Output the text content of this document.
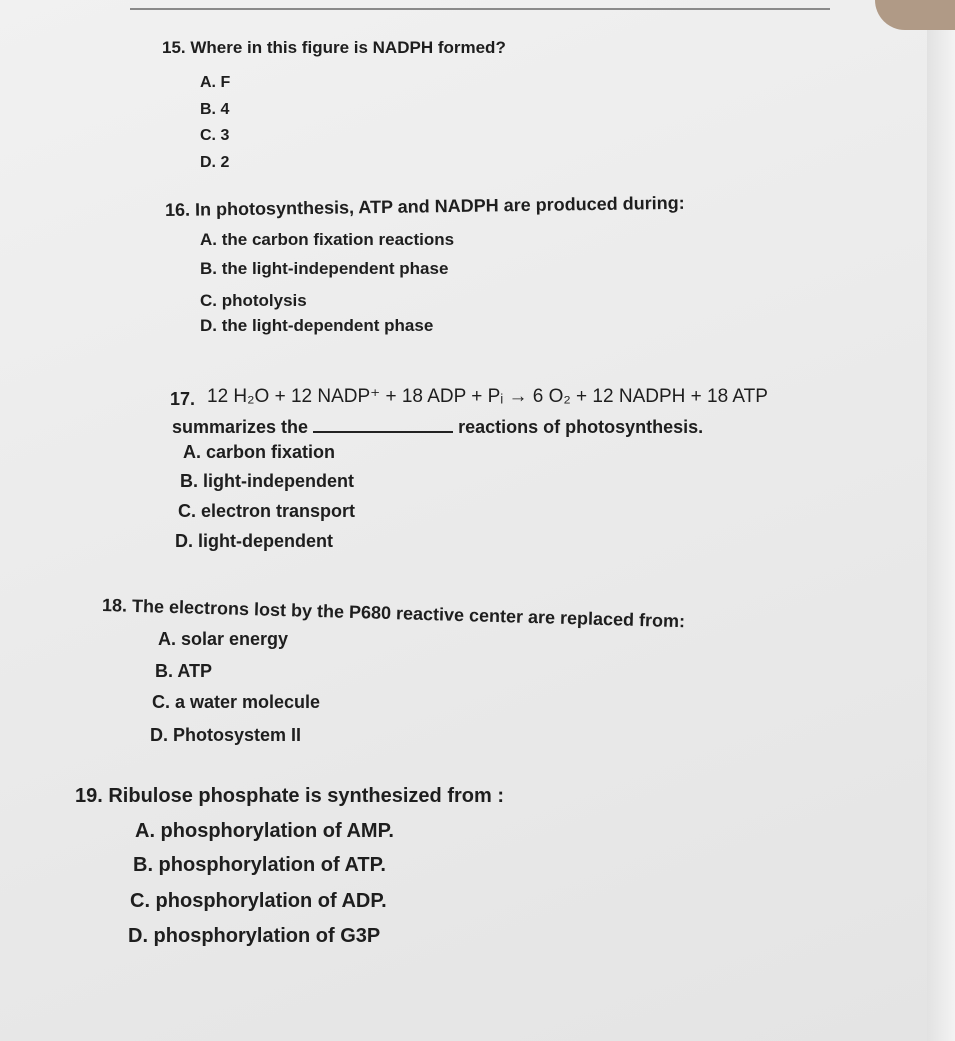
15. Where in this figure is NADPH formed?
A. F
B. 4
C. 3
D. 2
16. In photosynthesis, ATP and NADPH are produced during:
A. the carbon fixation reactions
B. the light-independent phase
C. photolysis
D. the light-dependent phase
17. 12 H₂O + 12 NADP⁺ + 18 ADP + Pᵢ → 6 O₂ + 12 NADPH + 18 ATP
summarizes the	reactions of photosynthesis.
A. carbon fixation
B. light-independent
C. electron transport
D. light-dependent
18. The electrons lost by the P680 reactive center are replaced from:
A. solar energy
B. ATP
C. a water molecule
D. Photosystem II
19. Ribulose phosphate is synthesized from :
A. phosphorylation of AMP.
B. phosphorylation of ATP.
C. phosphorylation of ADP.
D. phosphorylation of G3P
